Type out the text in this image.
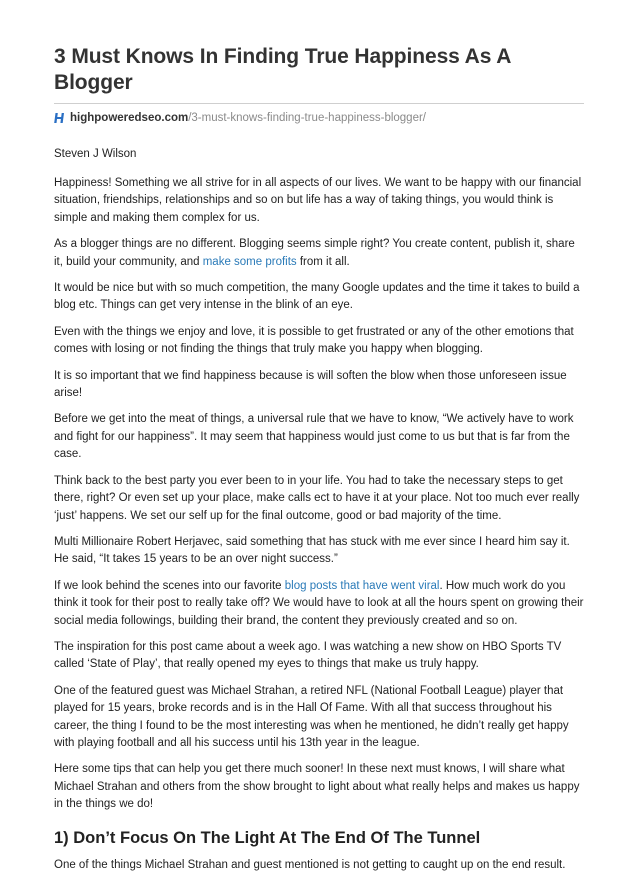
3 Must Knows In Finding True Happiness As A Blogger
highpoweredseo.com /3-must-knows-finding-true-happiness-blogger/

Steven J Wilson

Happiness! Something we all strive for in all aspects of our lives. We want to be happy with our financial situation, friendships, relationships and so on but life has a way of taking things, you would think is simple and making them complex for us.

As a blogger things are no different. Blogging seems simple right? You create content, publish it, share it, build your community, and make some profits from it all.

It would be nice but with so much competition, the many Google updates and the time it takes to build a blog etc. Things can get very intense in the blink of an eye.

Even with the things we enjoy and love, it is possible to get frustrated or any of the other emotions that comes with losing or not finding the things that truly make you happy when blogging.

It is so important that we find happiness because is will soften the blow when those unforeseen issue arise!

Before we get into the meat of things, a universal rule that we have to know, “We actively have to work and fight for our happiness”. It may seem that happiness would just come to us but that is far from the case.

Think back to the best party you ever been to in your life. You had to take the necessary steps to get there, right? Or even set up your place, make calls ect to have it at your place. Not too much ever really ‘just’ happens. We set our self up for the final outcome, good or bad majority of the time.

Multi Millionaire Robert Herjavec, said something that has stuck with me ever since I heard him say it. He said, “It takes 15 years to be an over night success.”

If we look behind the scenes into our favorite blog posts that have went viral. How much work do you think it took for their post to really take off? We would have to look at all the hours spent on growing their social media followings, building their brand, the content they previously created and so on.

The inspiration for this post came about a week ago. I was watching a new show on HBO Sports TV called ‘State of Play’, that really opened my eyes to things that make us truly happy.

One of the featured guest was Michael Strahan, a retired NFL (National Football League) player that played for 15 years, broke records and is in the Hall Of Fame. With all that success throughout his career, the thing I found to be the most interesting was when he mentioned, he didn’t really get happy with playing football and all his success until his 13th year in the league.

Here some tips that can help you get there much sooner! In these next must knows, I will share what Michael Strahan and others from the show brought to light about what really helps and makes us happy in the things we do!

1) Don’t Focus On The Light At The End Of The Tunnel

One of the things Michael Strahan and guest mentioned is not getting to caught up on the end result.
